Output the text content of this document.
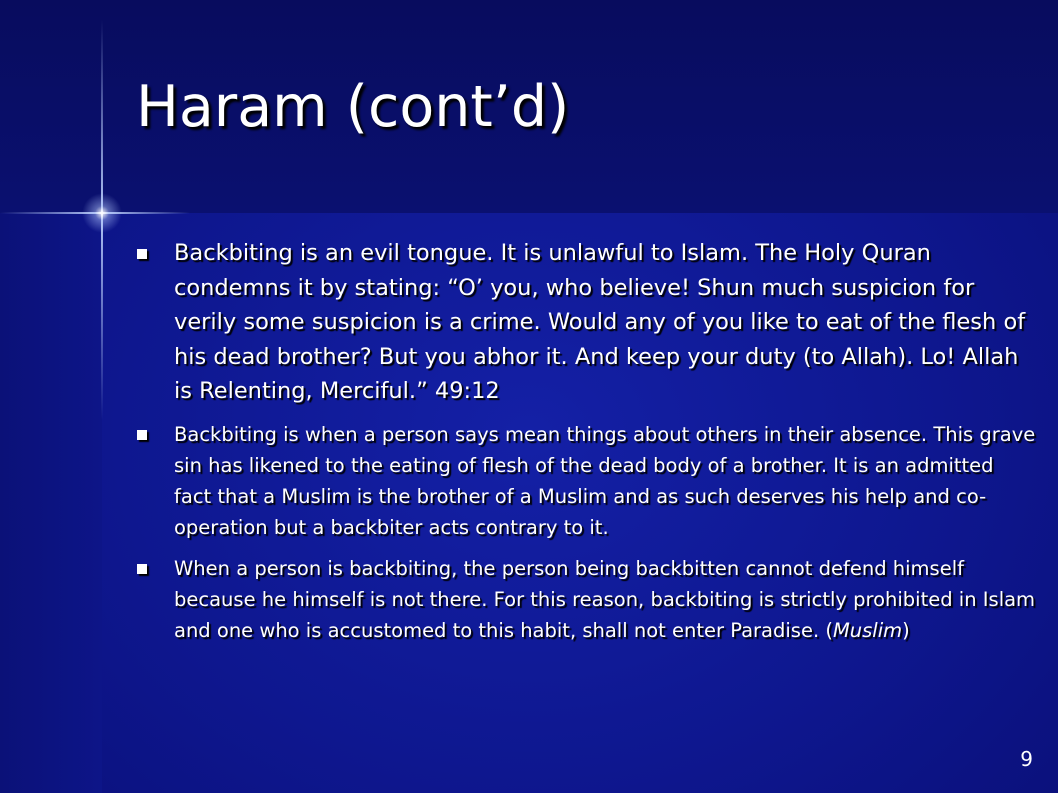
Haram (cont’d)
Backbiting is an evil tongue. It is unlawful to Islam. The Holy Quran condemns it by stating: “O’ you, who believe! Shun much suspicion for verily some suspicion is a crime. Would any of you like to eat of the flesh of his dead brother? But you abhor it. And keep your duty (to Allah). Lo! Allah is Relenting, Merciful.” 49:12
Backbiting is when a person says mean things about others in their absence. This grave sin has likened to the eating of flesh of the dead body of a brother. It is an admitted fact that a Muslim is the brother of a Muslim and as such deserves his help and co-operation but a backbiter acts contrary to it.
When a person is backbiting, the person being backbitten cannot defend himself because he himself is not there. For this reason, backbiting is strictly prohibited in Islam and one who is accustomed to this habit, shall not enter Paradise. (Muslim)
9
